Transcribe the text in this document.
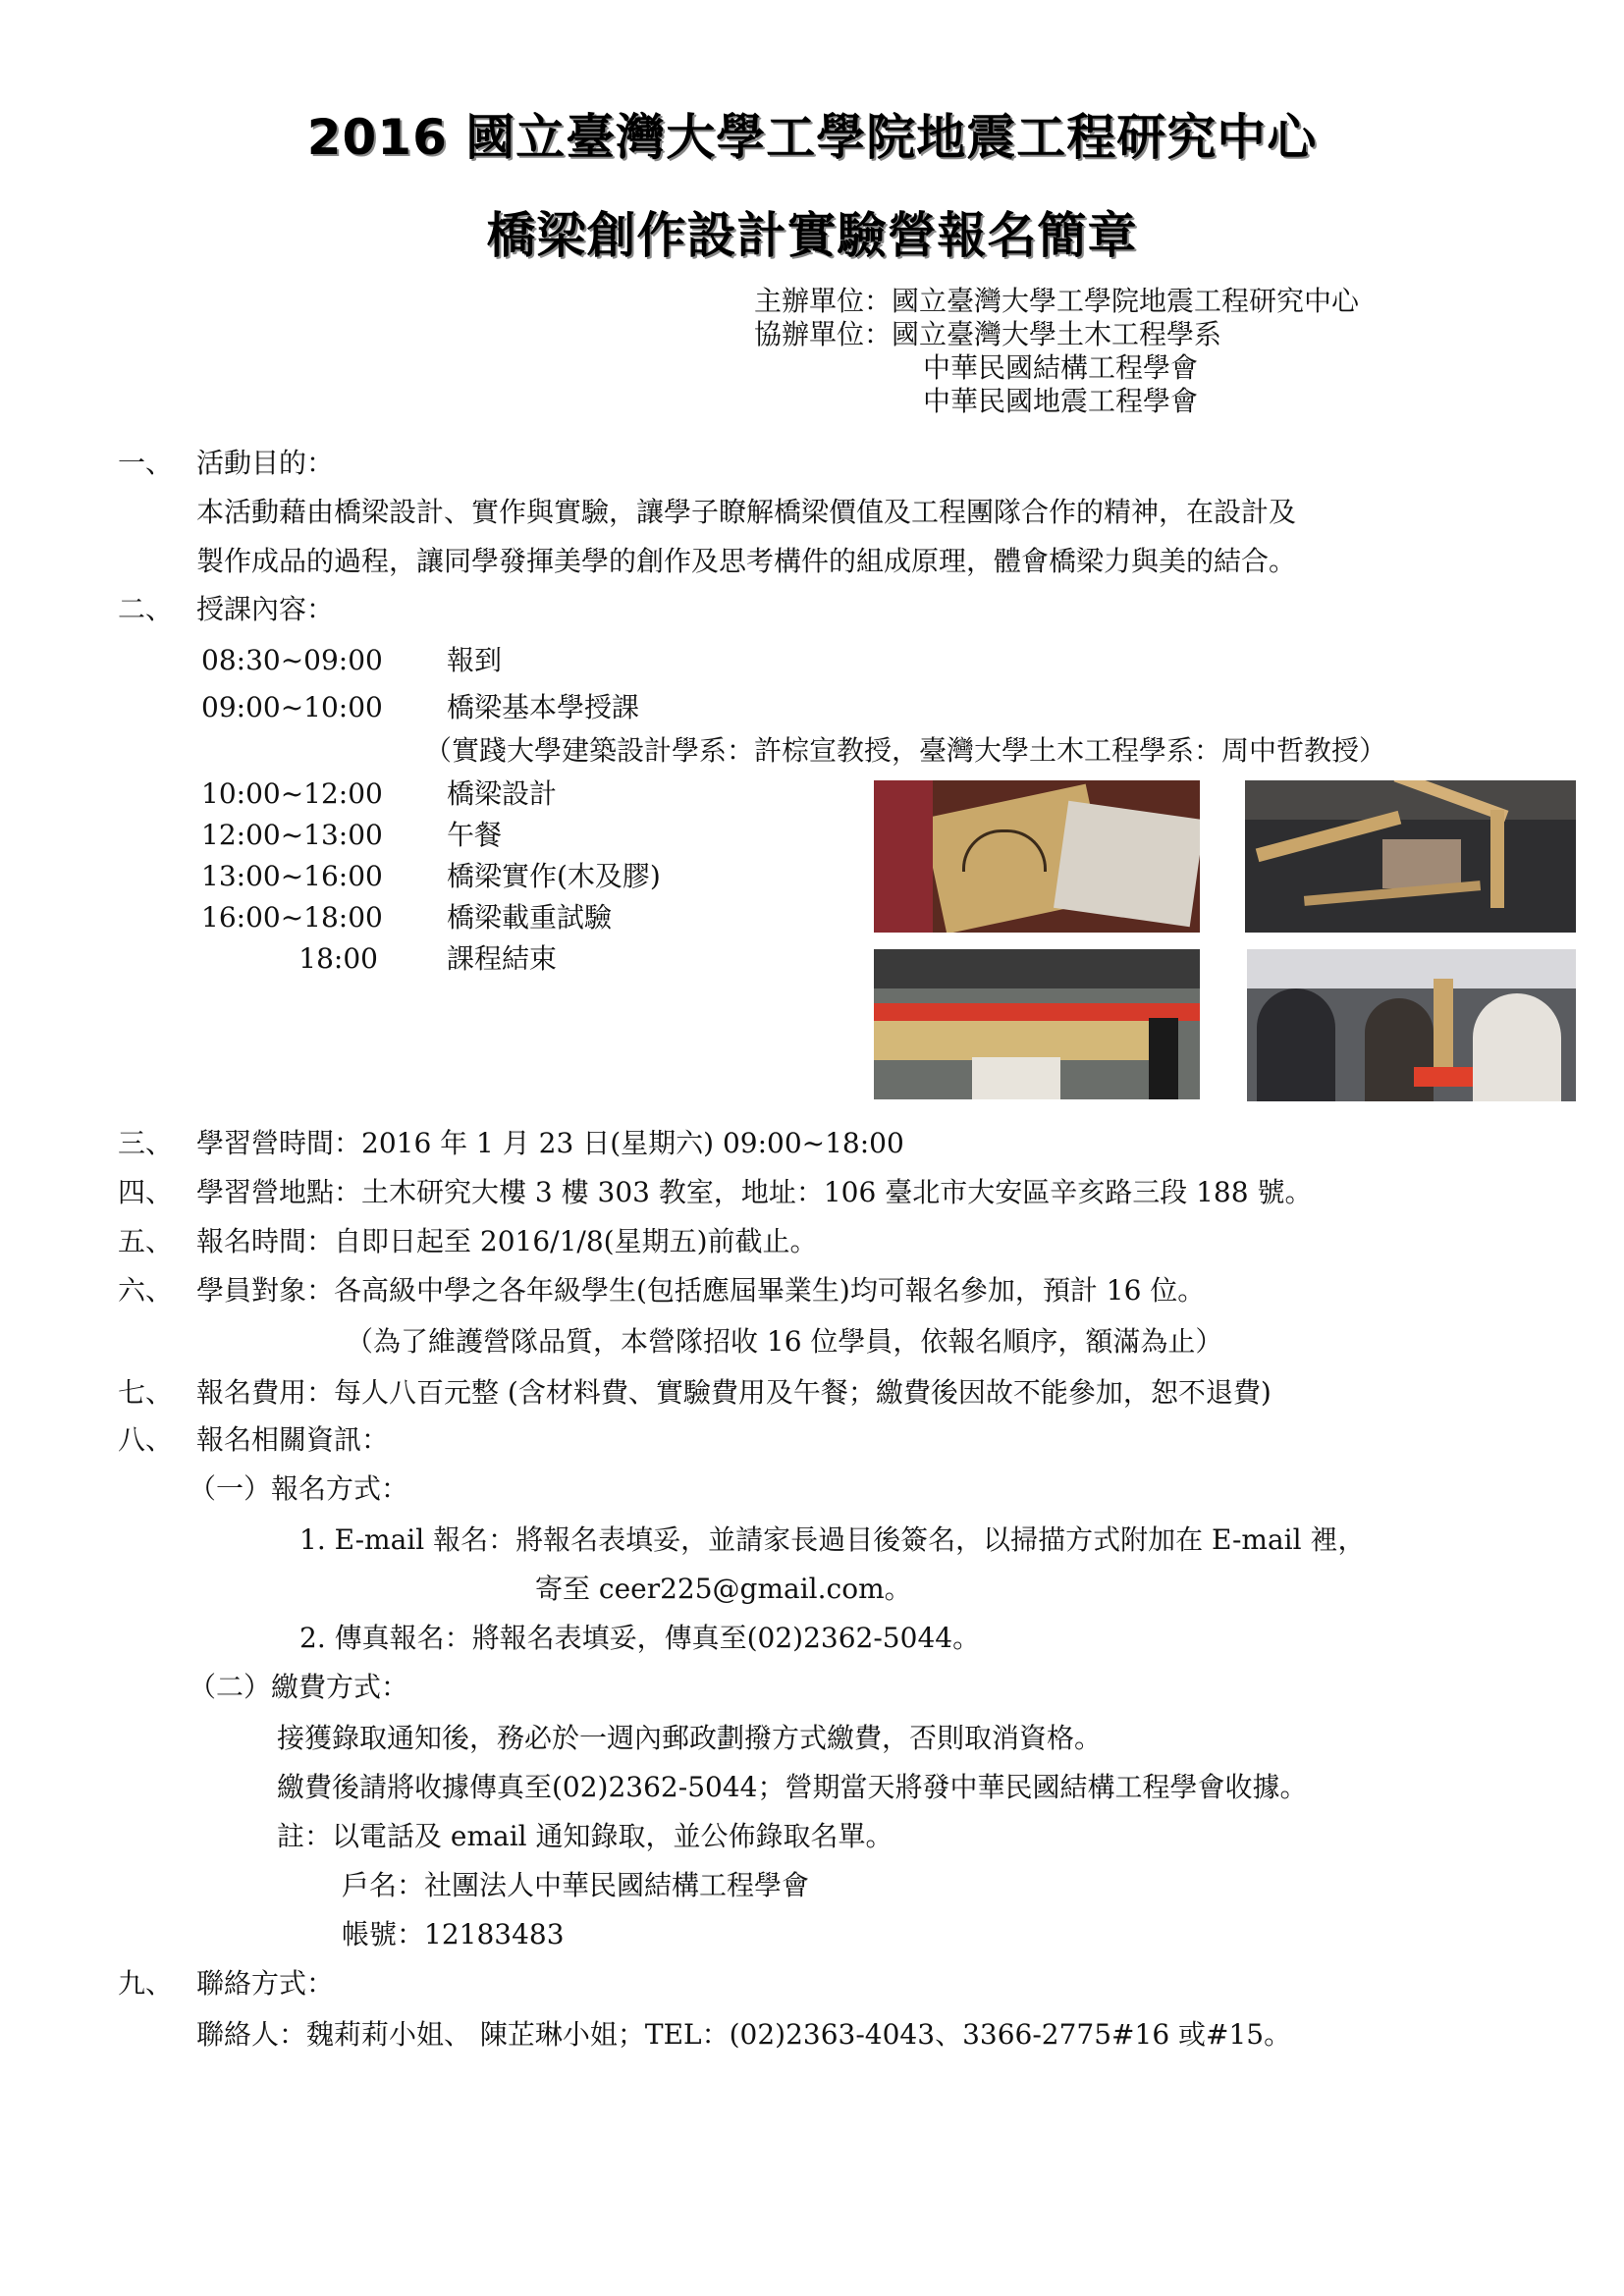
2016 國立臺灣大學工學院地震工程研究中心
橋梁創作設計實驗營報名簡章
主辦單位：國立臺灣大學工學院地震工程研究中心
協辦單位：國立臺灣大學土木工程學系
中華民國結構工程學會
中華民國地震工程學會
一、 活動目的：
本活動藉由橋梁設計、實作與實驗，讓學子瞭解橋梁價值及工程團隊合作的精神，在設計及
製作成品的過程，讓同學發揮美學的創作及思考構件的組成原理，體會橋梁力與美的結合。
二、 授課內容：
08:30~09:00 報到
09:00~10:00 橋梁基本學授課
（實踐大學建築設計學系：許棕宣教授，臺灣大學土木工程學系：周中哲教授）
10:00~12:00 橋梁設計
12:00~13:00 午餐
13:00~16:00 橋梁實作(木及膠)
16:00~18:00 橋梁載重試驗
18:00	課程結束
三、 學習營時間：2016 年 1 月 23 日(星期六) 09:00~18:00
四、 學習營地點：土木研究大樓 3 樓 303 教室，地址：106 臺北市大安區辛亥路三段 188 號。
五、 報名時間：自即日起至 2016/1/8(星期五)前截止。
六、 學員對象：各高級中學之各年級學生(包括應屆畢業生)均可報名參加，預計 16 位。
（為了維護營隊品質，本營隊招收 16 位學員，依報名順序，額滿為止）
七、 報名費用：每人八百元整 (含材料費、實驗費用及午餐；繳費後因故不能參加，恕不退費)
八、 報名相關資訊：
（一）報名方式：
1. E-mail 報名：將報名表填妥，並請家長過目後簽名，以掃描方式附加在 E-mail 裡，
寄至 ceer225@gmail.com。
2. 傳真報名：將報名表填妥，傳真至(02)2362-5044。
（二）繳費方式：
接獲錄取通知後，務必於一週內郵政劃撥方式繳費，否則取消資格。
繳費後請將收據傳真至(02)2362-5044；營期當天將發中華民國結構工程學會收據。
註：以電話及 email 通知錄取，並公佈錄取名單。
戶名：社團法人中華民國結構工程學會
帳號：12183483
九、 聯絡方式：
聯絡人：魏莉莉小姐、 陳芷琳小姐；TEL：(02)2363-4043、3366-2775#16 或#15。
